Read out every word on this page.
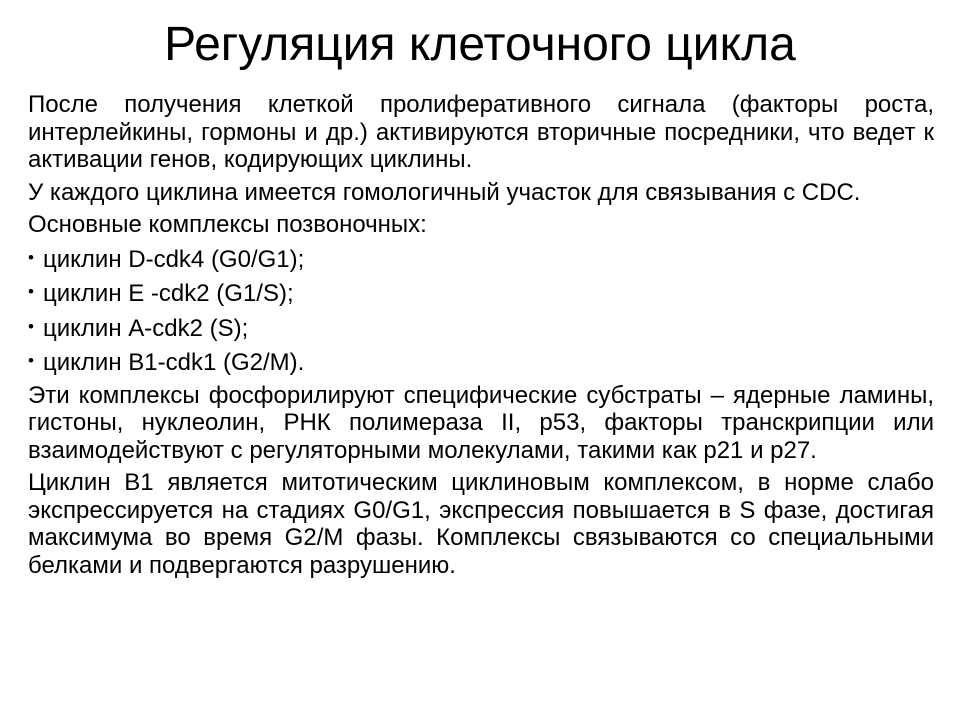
Регуляция клеточного цикла

После получения клеткой пролиферативного сигнала (факторы роста, интерлейкины, гормоны и др.) активируются вторичные посредники, что ведет к активации генов, кодирующих циклины.

У каждого циклина имеется гомологичный участок для связывания с CDC.

Основные комплексы позвоночных:

• циклин D-cdk4 (G0/G1);
• циклин E -cdk2 (G1/S);
• циклин A-cdk2 (S);
• циклин B1-cdk1 (G2/M).

Эти комплексы фосфорилируют специфические субстраты – ядерные ламины, гистоны, нуклеолин, РНК полимераза II, p53, факторы транскрипции или взаимодействуют с регуляторными молекулами, такими как p21 и p27.

Циклин B1 является митотическим циклиновым комплексом, в норме слабо экспрессируется на стадиях G0/G1, экспрессия повышается в S фазе, достигая максимума во время G2/M фазы. Комплексы связываются со специальными белками и подвергаются разрушению.
